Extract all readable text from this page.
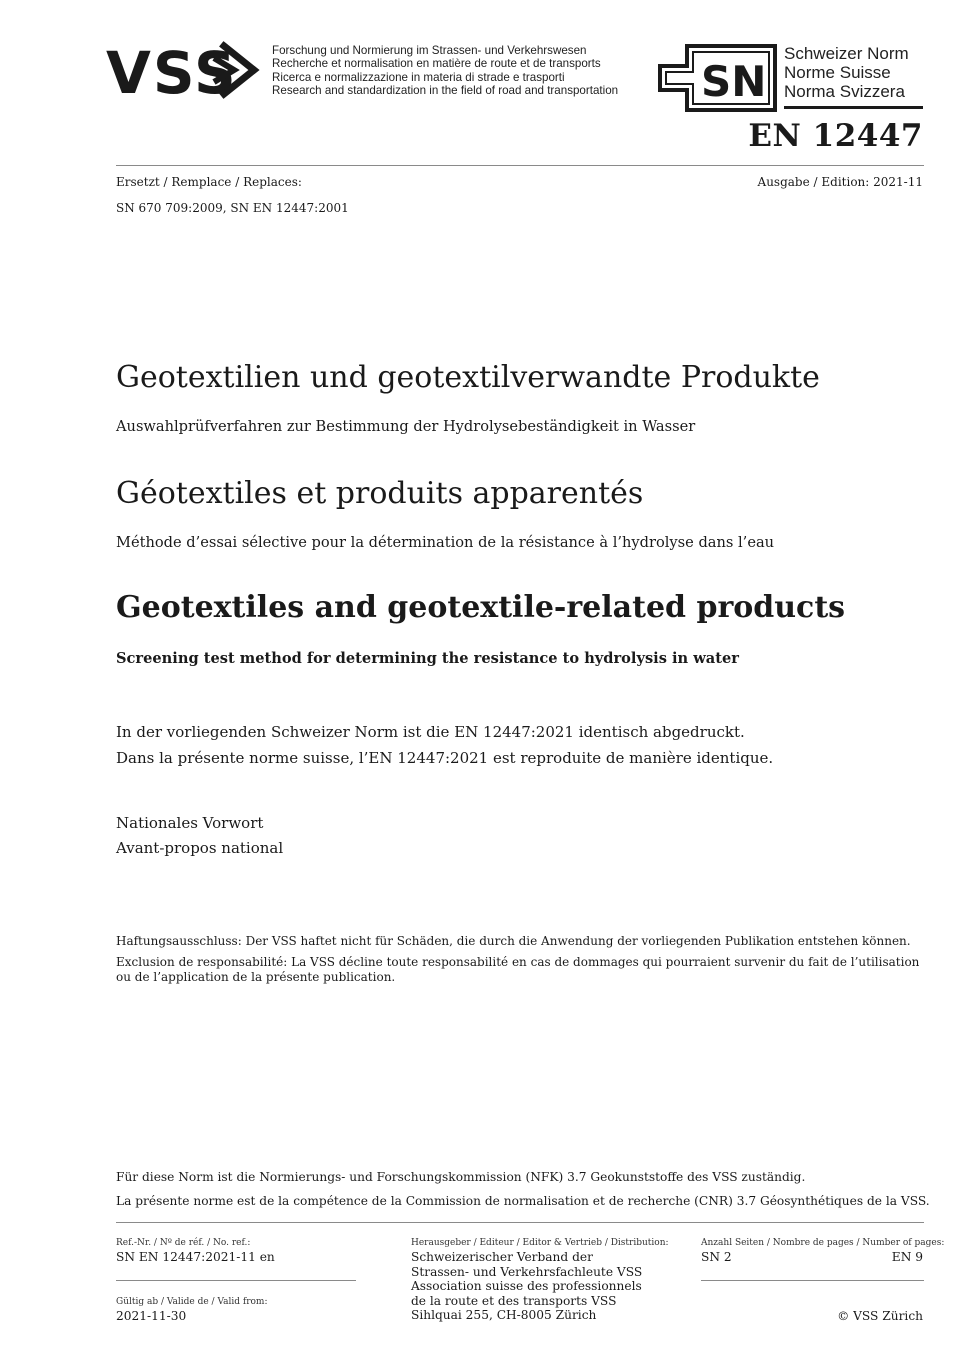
VSS	Forschung und Normierung im Strassen- und Verkehrswesen
Recherche et normalisation en matière de route et de transports
Ricerca e normalizzazione in materia di strade e trasporti
Research and standardization in the field of road and transportation SN
Schweizer Norm
Norme Suisse
Norma Svizzera
EN 12447
Ersetzt / Remplace / Replaces:	Ausgabe / Edition: 2021-11
SN 670 709:2009, SN EN 12447:2001
Geotextilien und geotextilverwandte Produkte
Auswahlprüfverfahren zur Bestimmung der Hydrolysebeständigkeit in Wasser
Géotextiles et produits apparentés
Méthode d’essai sélective pour la détermination de la résistance à l’hydrolyse dans l’eau
Geotextiles and geotextile-related products
Screening test method for determining the resistance to hydrolysis in water
In der vorliegenden Schweizer Norm ist die EN 12447:2021 identisch abgedruckt.
Dans la présente norme suisse, l’EN 12447:2021 est reproduite de manière identique.
Nationales Vorwort
Avant-propos national
Haftungsausschluss: Der VSS haftet nicht für Schäden, die durch die Anwendung der vorliegenden Publikation entstehen können.
Exclusion de responsabilité: La VSS décline toute responsabilité en cas de dommages qui pourraient survenir du fait de l’utilisation
ou de l’application de la présente publication.
Für diese Norm ist die Normierungs- und Forschungskommission (NFK) 3.7 Geokunststoffe des VSS zuständig.
La présente norme est de la compétence de la Commission de normalisation et de recherche (CNR) 3.7 Géosynthétiques de la VSS.
Ref.-Nr. / Nº de réf. / No. ref.:
SN EN 12447:2021-11 en
Gültig ab / Valide de / Valid from:
2021-11-30
Herausgeber / Editeur / Editor & Vertrieb / Distribution:
Schweizerischer Verband der
Strassen- und Verkehrsfachleute VSS
Association suisse des professionnels
de la route et des transports VSS
Sihlquai 255, CH-8005 Zürich
Anzahl Seiten / Nombre de pages / Number of pages:
SN 2	EN 9
© VSS Zürich
